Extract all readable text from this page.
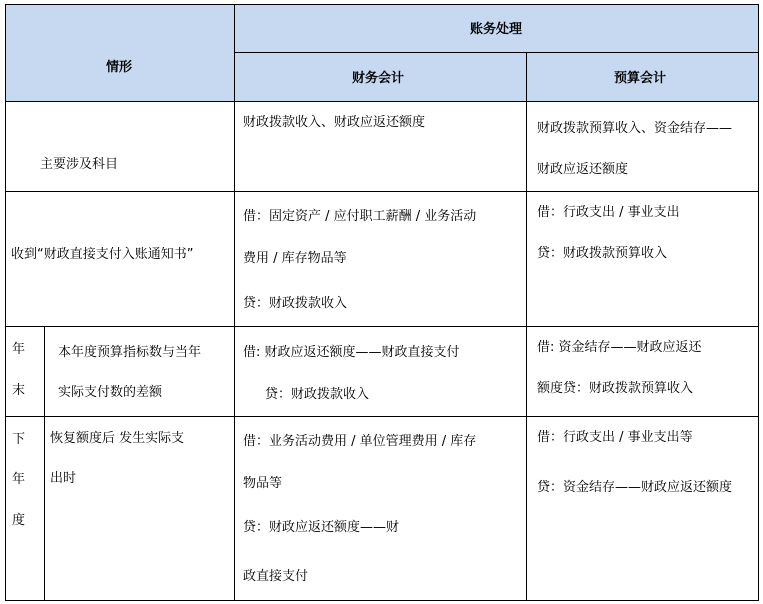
情形
账务处理
财务会计	预算会计
主要涉及科目
财政拨款收入、财政应返还额度	财政拨款预算收入、资金结存——
财政应返还额度
收到“财政直接支付入账通知书”
借：固定资产 / 应付职工薪酬 / 业务活动
费用 / 库存物品等
贷：财政拨款收入
借：行政支出 / 事业支出
贷：财政拨款预算收入
年
末
本年度预算指标数与当年
实际支付数的差额
借: 财政应返还额度——财政直接支付
贷：财政拨款收入
借: 资金结存——财政应返还
额度贷：财政拨款预算收入
下
年
度
恢复额度后 发生实际支
出时
借：业务活动费用 / 单位管理费用 / 库存
物品等
贷：财政应返还额度——财
政直接支付
借：行政支出 / 事业支出等
贷：资金结存——财政应返还额度
